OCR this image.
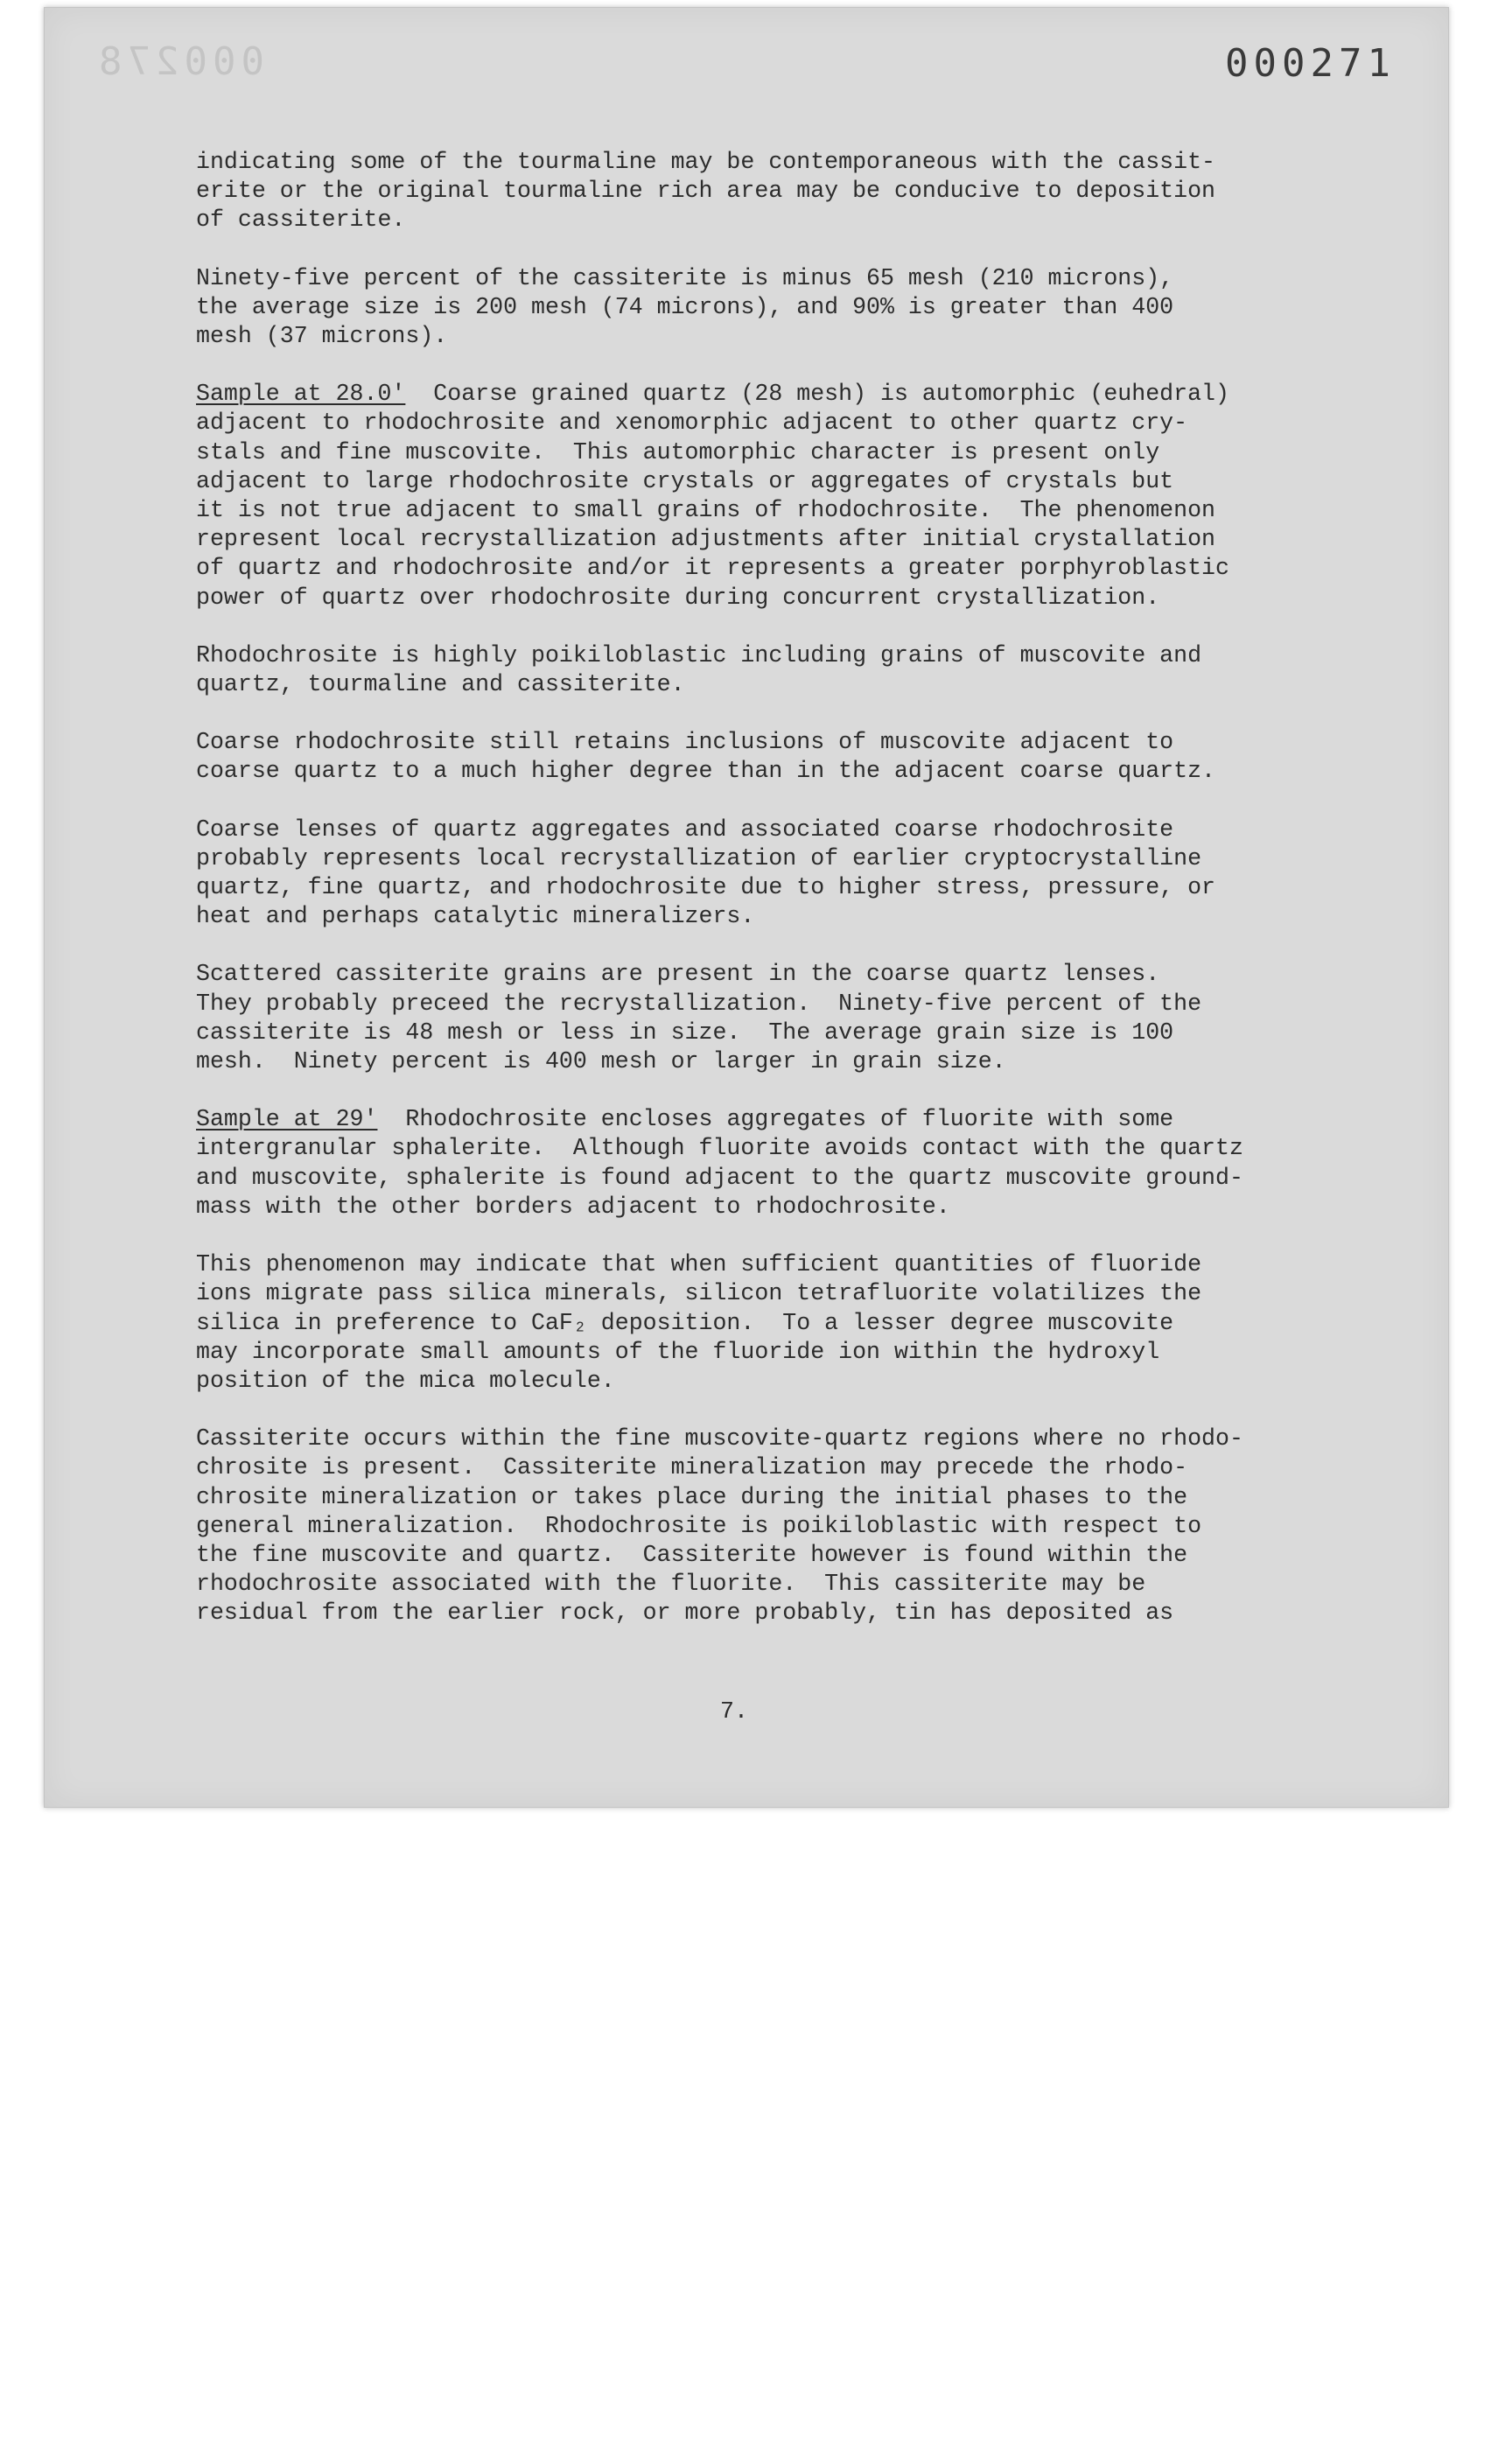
000278	000271

indicating some of the tourmaline may be contemporaneous with the cassit-
erite or the original tourmaline rich area may be conducive to deposition
of cassiterite.

Ninety-five percent of the cassiterite is minus 65 mesh (210 microns),
the average size is 200 mesh (74 microns), and 90% is greater than 400
mesh (37 microns).

Sample at 28.0'  Coarse grained quartz (28 mesh) is automorphic (euhedral)
adjacent to rhodochrosite and xenomorphic adjacent to other quartz cry-
stals and fine muscovite.  This automorphic character is present only
adjacent to large rhodochrosite crystals or aggregates of crystals but
it is not true adjacent to small grains of rhodochrosite.  The phenomenon
represent local recrystallization adjustments after initial crystallation
of quartz and rhodochrosite and/or it represents a greater porphyroblastic
power of quartz over rhodochrosite during concurrent crystallization.

Rhodochrosite is highly poikiloblastic including grains of muscovite and
quartz, tourmaline and cassiterite.

Coarse rhodochrosite still retains inclusions of muscovite adjacent to
coarse quartz to a much higher degree than in the adjacent coarse quartz.

Coarse lenses of quartz aggregates and associated coarse rhodochrosite
probably represents local recrystallization of earlier cryptocrystalline
quartz, fine quartz, and rhodochrosite due to higher stress, pressure, or
heat and perhaps catalytic mineralizers.

Scattered cassiterite grains are present in the coarse quartz lenses.
They probably preceed the recrystallization.  Ninety-five percent of the
cassiterite is 48 mesh or less in size.  The average grain size is 100
mesh.  Ninety percent is 400 mesh or larger in grain size.

Sample at 29'  Rhodochrosite encloses aggregates of fluorite with some
intergranular sphalerite.  Although fluorite avoids contact with the quartz
and muscovite, sphalerite is found adjacent to the quartz muscovite ground-
mass with the other borders adjacent to rhodochrosite.

This phenomenon may indicate that when sufficient quantities of fluoride
ions migrate pass silica minerals, silicon tetrafluorite volatilizes the
silica in preference to CaF₂ deposition.  To a lesser degree muscovite
may incorporate small amounts of the fluoride ion within the hydroxyl
position of the mica molecule.

Cassiterite occurs within the fine muscovite-quartz regions where no rhodo-
chrosite is present.  Cassiterite mineralization may precede the rhodo-
chrosite mineralization or takes place during the initial phases to the
general mineralization.  Rhodochrosite is poikiloblastic with respect to
the fine muscovite and quartz.  Cassiterite however is found within the
rhodochrosite associated with the fluorite.  This cassiterite may be
residual from the earlier rock, or more probably, tin has deposited as

7.
